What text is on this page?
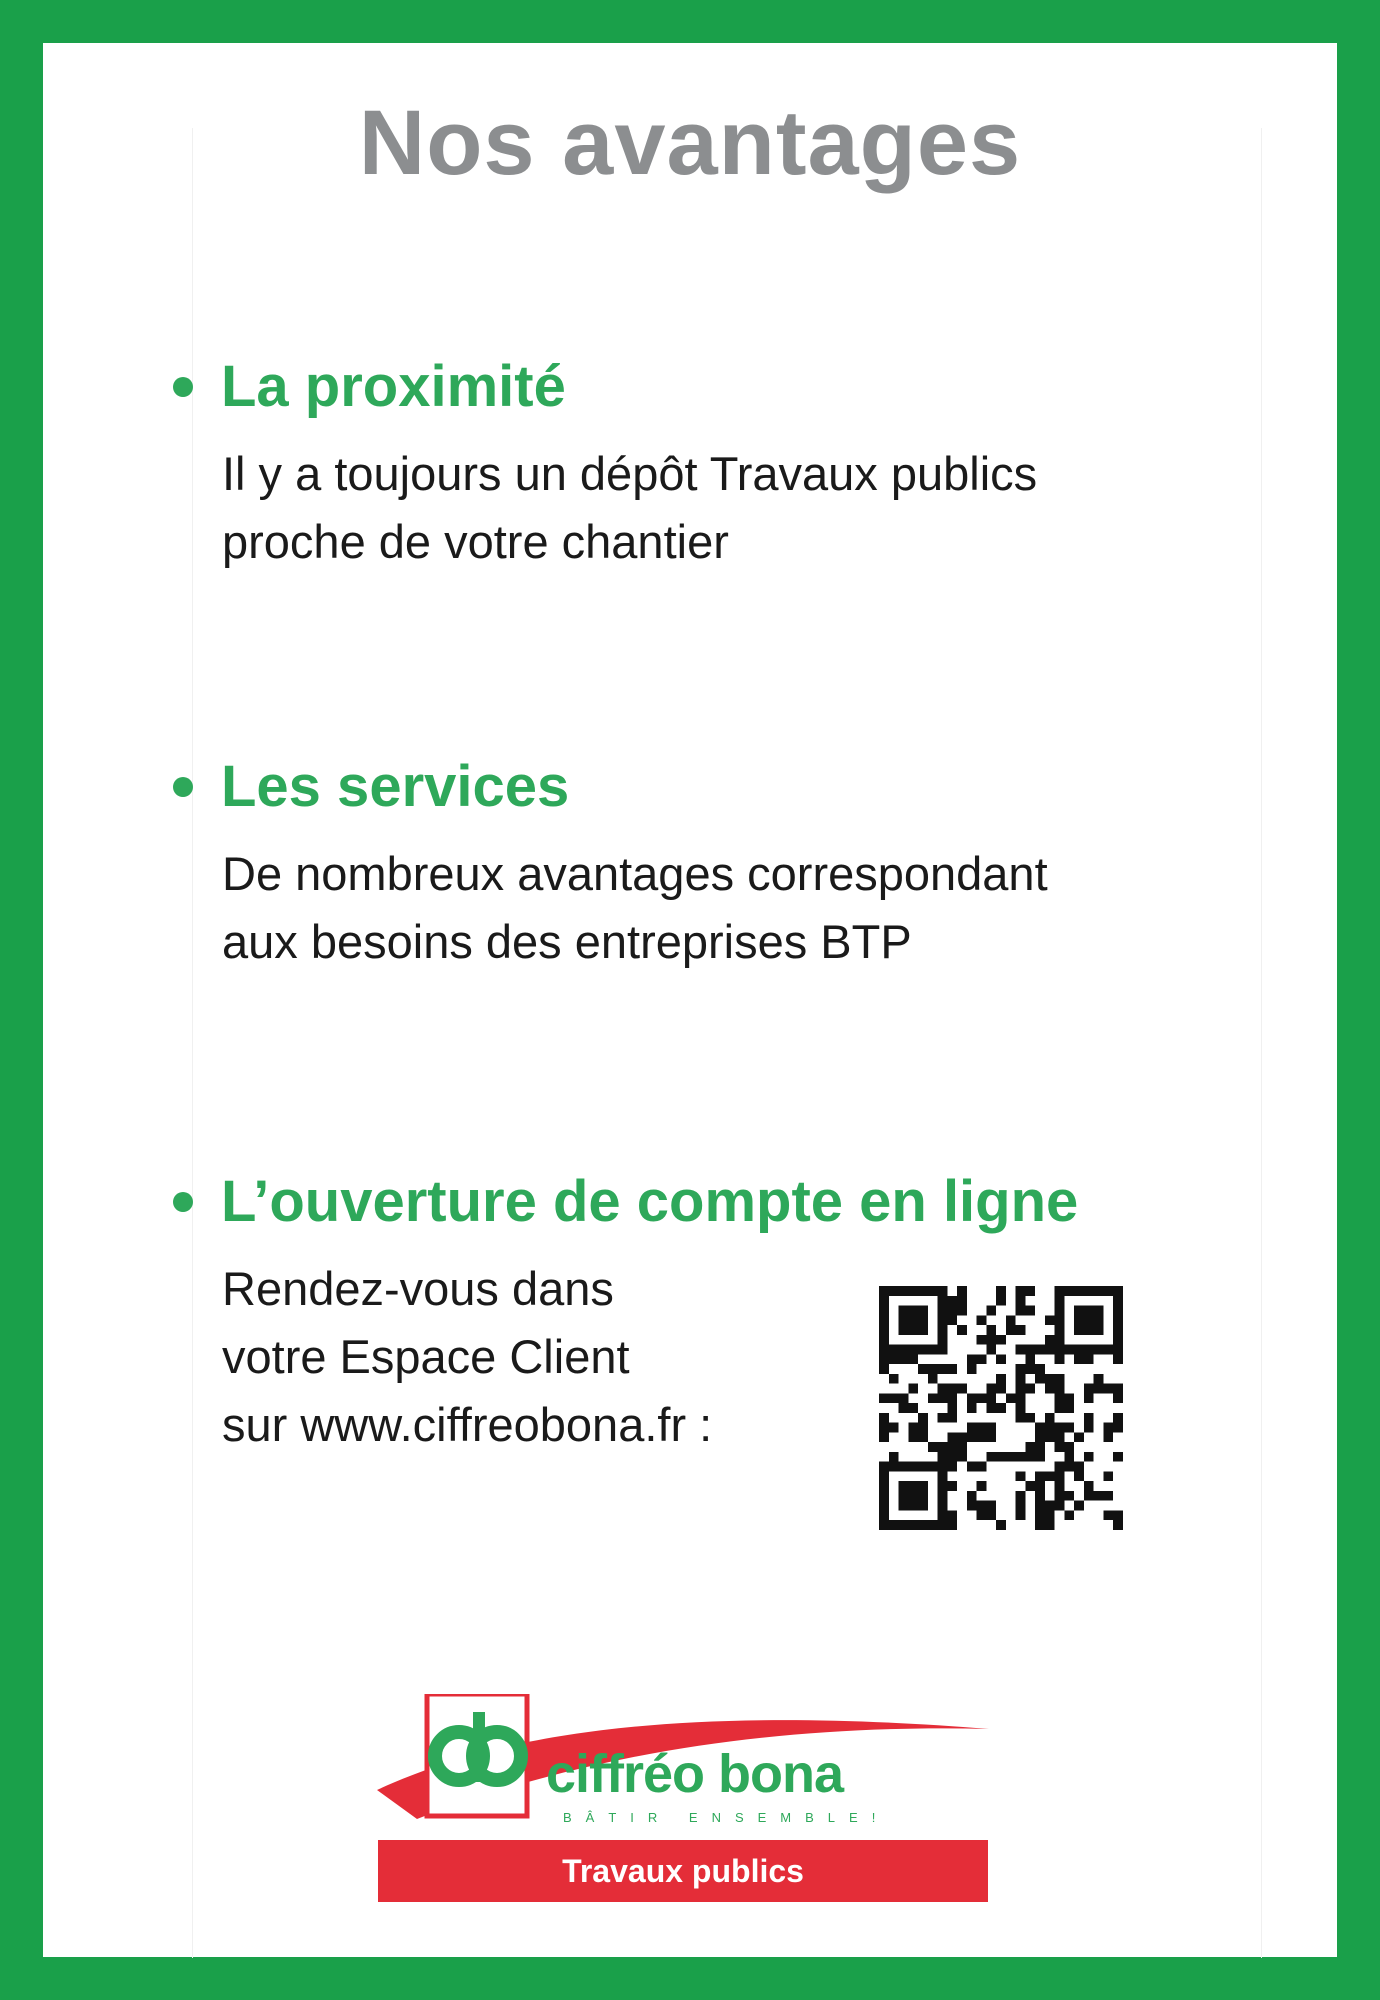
Nos avantages
La proximité

Il y a toujours un dépôt Travaux publics

proche de votre chantier

Les services

De nombreux avantages correspondant

aux besoins des entreprises BTP

L’ouverture de compte en ligne

Rendez-vous dans

votre Espace Client

sur www.ciffreobona.fr :

ciffréo bona
BÂTIR ENSEMBLE!
Travaux publics
